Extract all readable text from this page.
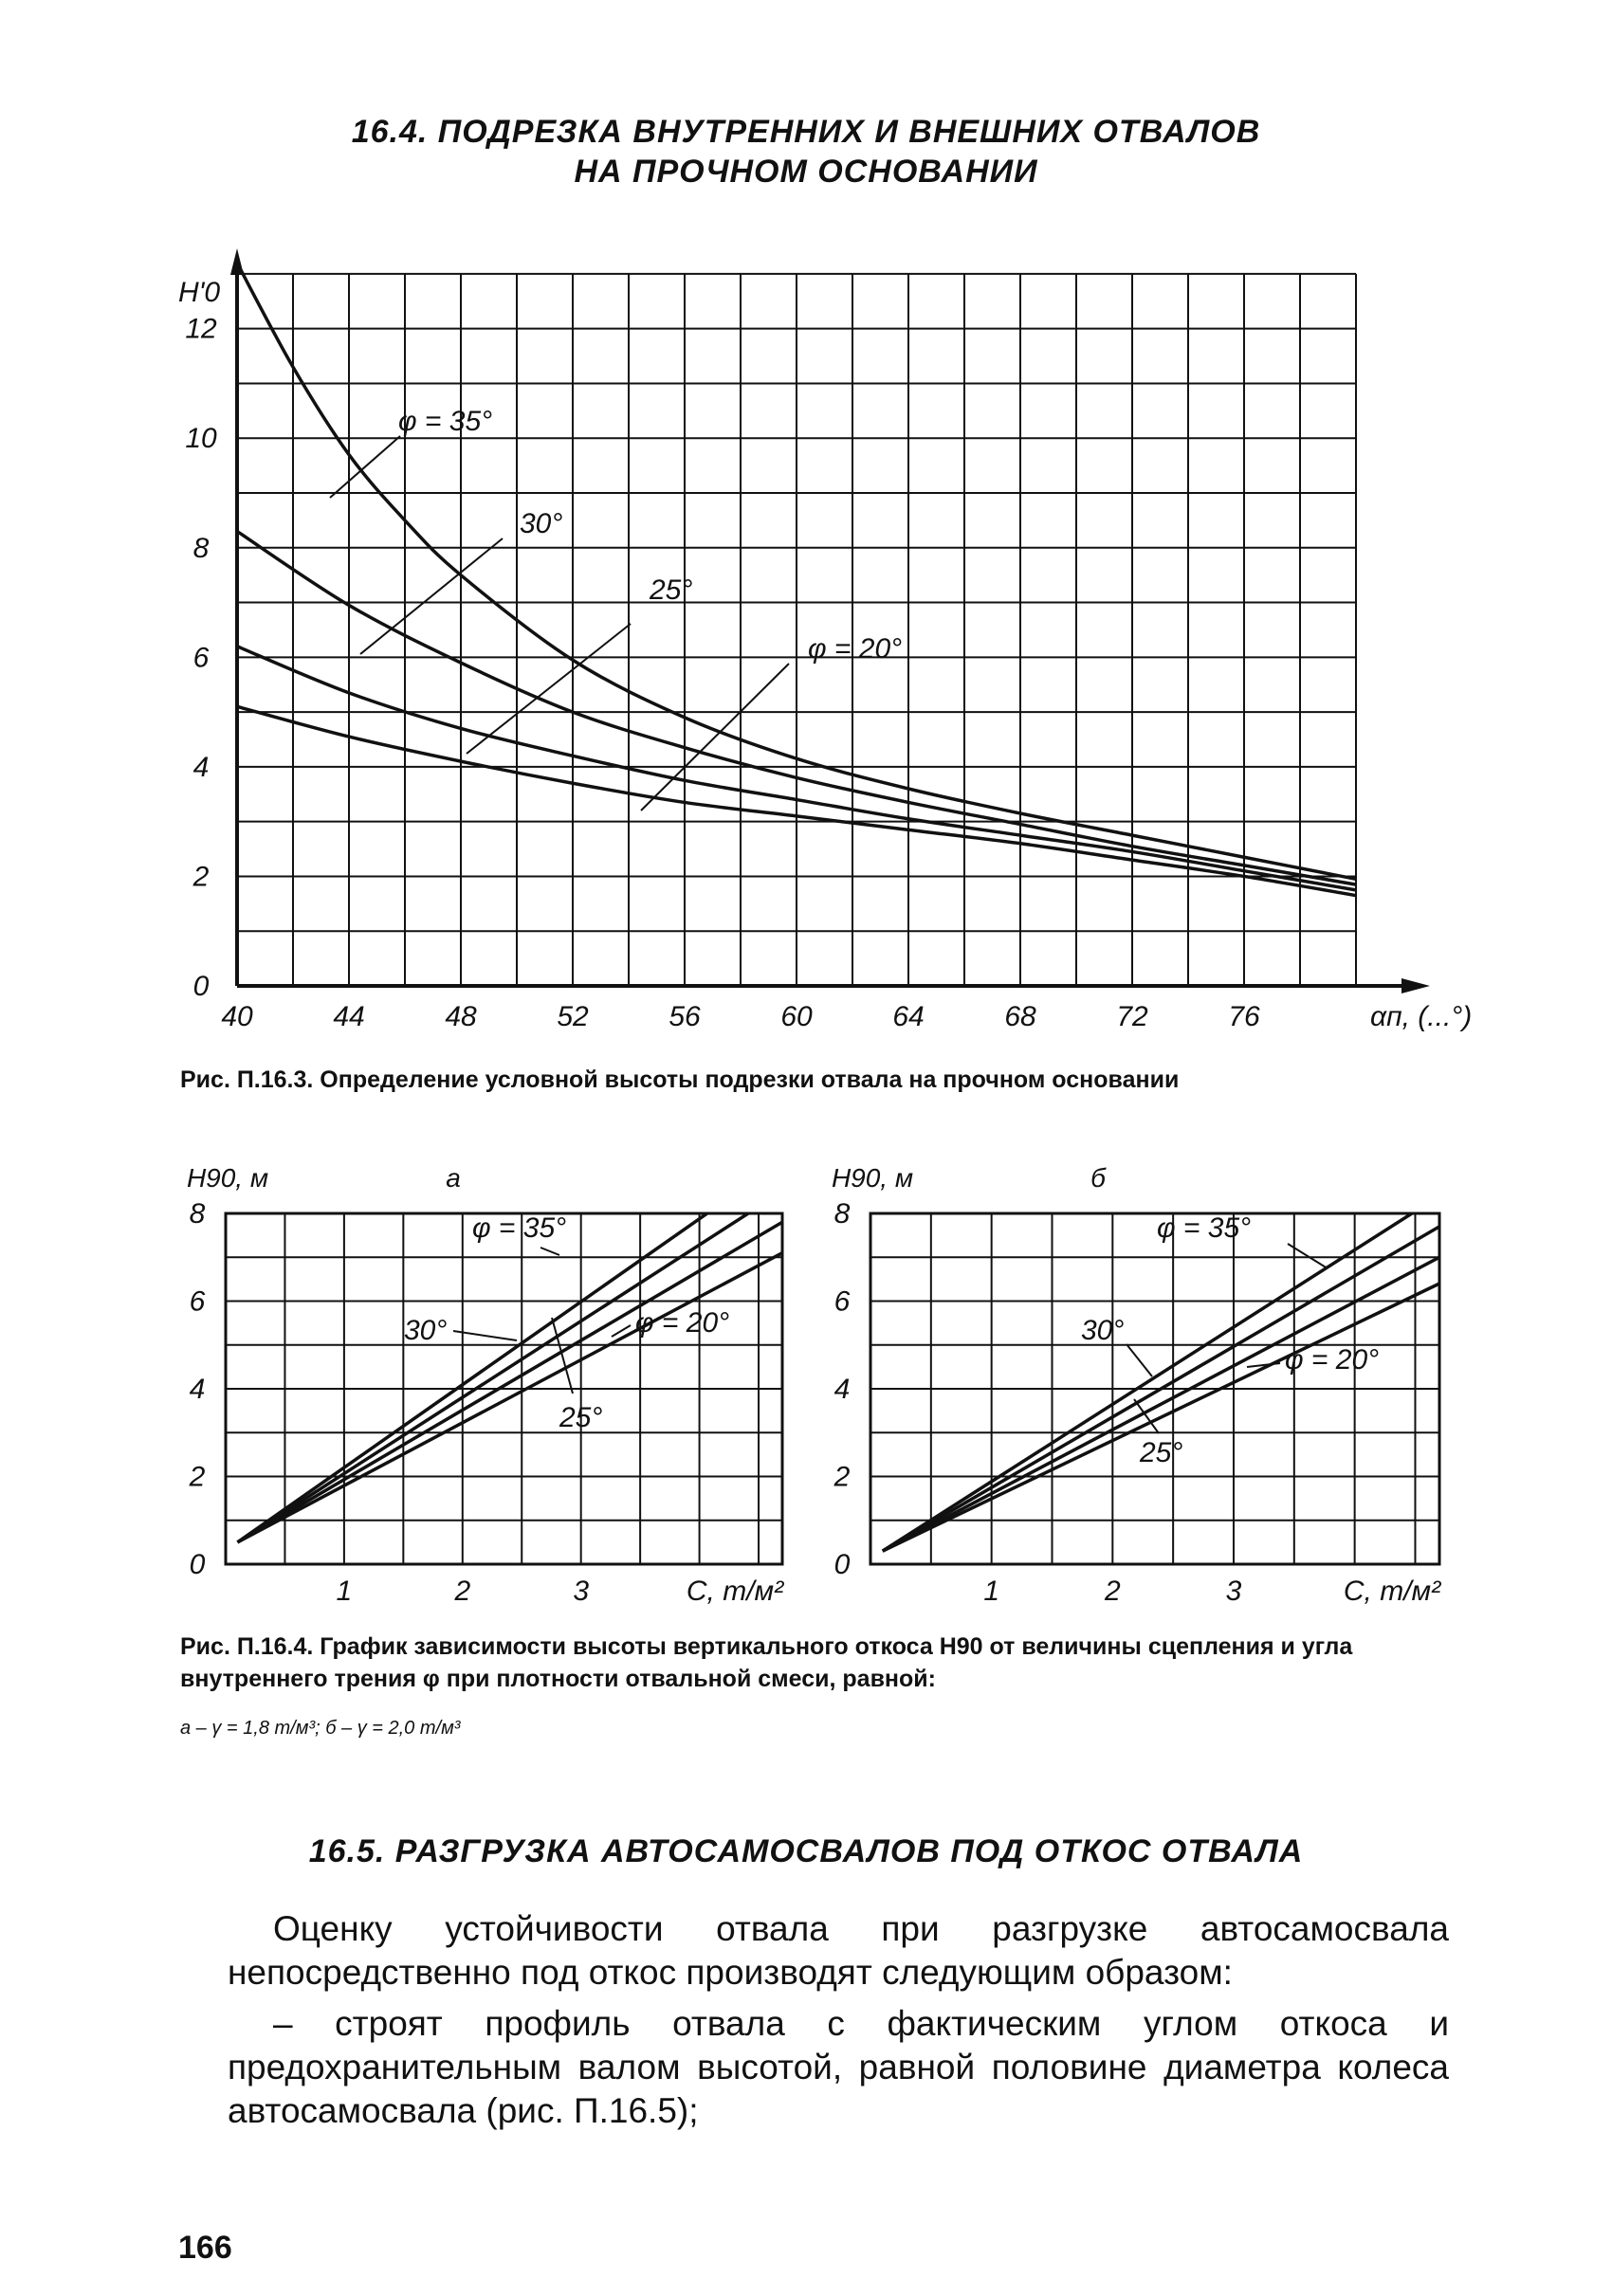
16.4. ПОДРЕЗКА ВНУТРЕННИХ И ВНЕШНИХ ОТВАЛОВ
НА ПРОЧНОМ ОСНОВАНИИ
40	44	48	52	56	60	64	68	72	76	αп, (...°)
0
2
4
6
8
10
12
H'0
φ = 35°
30°
25°
φ = 20°
Рис. П.16.3. Определение условной высоты подрезки отвала на прочном основании
1	2	3	С, т/м²
0
2
4
6
8
H90, м	а
φ = 35°
30°
25°
φ = 20°
1	2	3	С, т/м²
0
2
4
6
8
H90, м	б
φ = 35°
30°
25°
φ = 20°
Рис. П.16.4. График зависимости высоты вертикального откоса H90 от величины сцепления и угла внутреннего трения φ при плотности отвальной смеси, равной:
а – γ = 1,8 т/м³; б – γ = 2,0 т/м³
16.5. РАЗГРУЗКА АВТОСАМОСВАЛОВ ПОД ОТКОС ОТВАЛА
Оценку устойчивости отвала при разгрузке автосамосвала непосредственно под откос производят следующим образом:
– строят профиль отвала с фактическим углом откоса и предохранительным валом высотой, равной половине диаметра колеса автосамосвала (рис. П.16.5);
166
